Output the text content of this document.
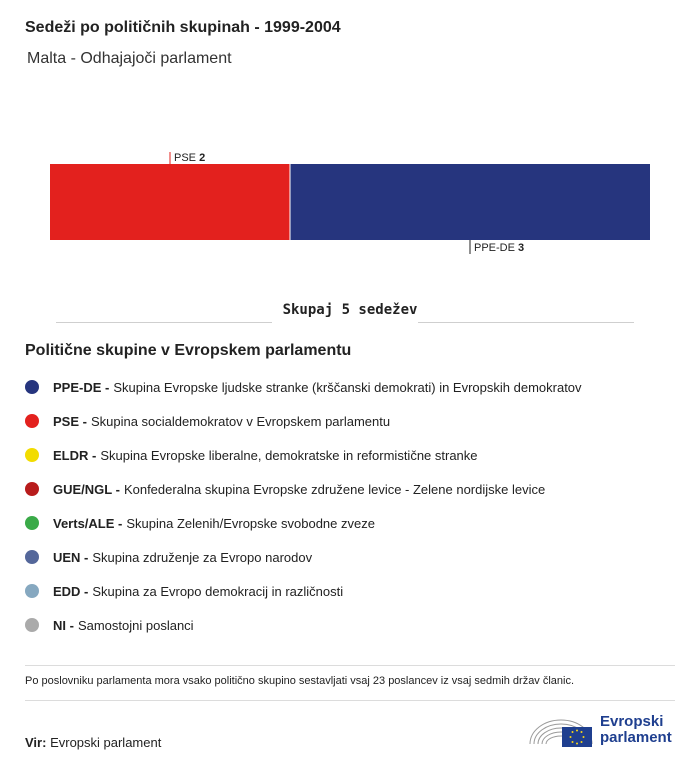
Sedeži po političnih skupinah - 1999-2004
Malta - Odhajajoči parlament
PSE 2
PPE-DE 3
Skupaj 5 sedežev
Politične skupine v Evropskem parlamentu
PPE-DE - Skupina Evropske ljudske stranke (krščanski demokrati) in Evropskih demokratov
PSE - Skupina socialdemokratov v Evropskem parlamentu
ELDR - Skupina Evropske liberalne, demokratske in reformistične stranke
GUE/NGL - Konfederalna skupina Evropske združene levice - Zelene nordijske levice
Verts/ALE - Skupina Zelenih/Evropske svobodne zveze
UEN - Skupina združenje za Evropo narodov
EDD - Skupina za Evropo demokracij in različnosti
NI - Samostojni poslanci
Po poslovniku parlamenta mora vsako politično skupino sestavljati vsaj 23 poslancev iz vsaj sedmih držav članic.
Vir: Evropski parlament
Evropski
parlament
